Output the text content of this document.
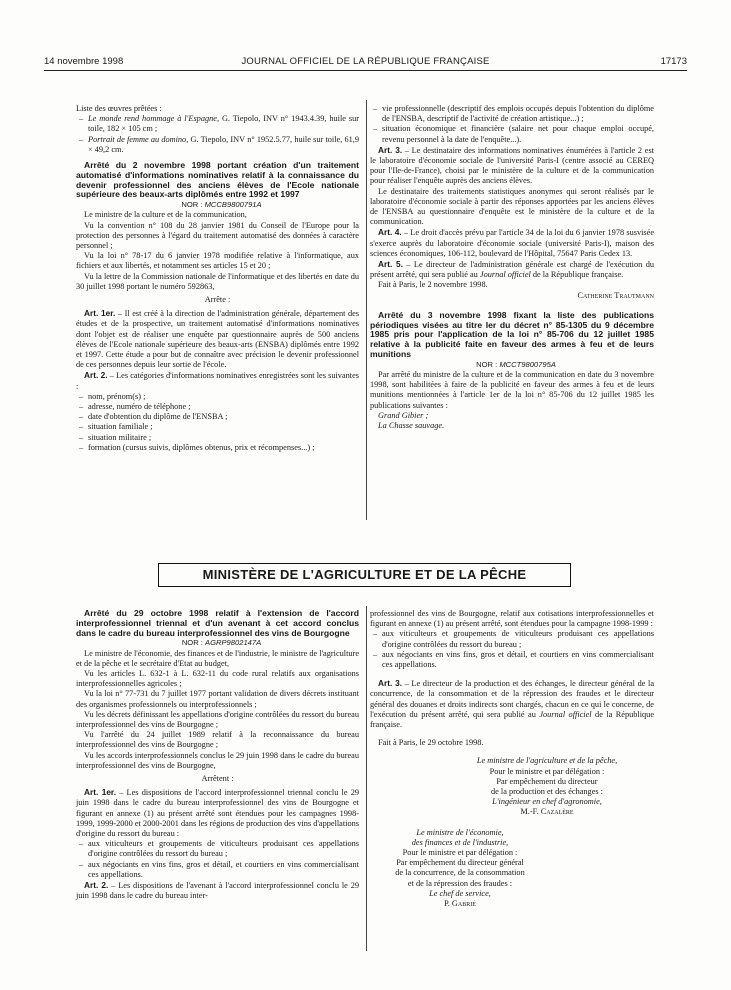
14 novembre 1998	JOURNAL OFFICIEL DE LA RÉPUBLIQUE FRANÇAISE	17173

Liste des œuvres prêtées :

– Le monde rend hommage à l'Espagne, G. Tiepolo, INV n° 1943.4.39, huile sur toile, 182 × 105 cm ;
– Portrait de femme au domino, G. Tiepolo, INV n° 1952.5.77, huile sur toile, 61,9 × 49,2 cm.

Arrêté du 2 novembre 1998 portant création d'un traitement automatisé d'informations nominatives relatif à la connaissance du devenir professionnel des anciens élèves de l'Ecole nationale supérieure des beaux-arts diplômés entre 1992 et 1997

NOR : MCCB9800791A

Le ministre de la culture et de la communication,

Vu la convention n° 108 du 28 janvier 1981 du Conseil de l'Europe pour la protection des personnes à l'égard du traitement automatisé des données à caractère personnel ;

Vu la loi n° 78-17 du 6 janvier 1978 modifiée relative à l'informatique, aux fichiers et aux libertés, et notamment ses articles 15 et 20 ;

Vu la lettre de la Commission nationale de l'informatique et des libertés en date du 30 juillet 1998 portant le numéro 592863,

Arrête :

Art. 1er. – Il est créé à la direction de l'administration générale, département des études et de la prospective, un traitement automatisé d'informations nominatives dont l'objet est de réaliser une enquête par questionnaire auprès de 500 anciens élèves de l'Ecole nationale supérieure des beaux-arts (ENSBA) diplômés entre 1992 et 1997. Cette étude a pour but de connaître avec précision le devenir professionnel de ces personnes depuis leur sortie de l'école.

Art. 2. – Les catégories d'informations nominatives enregistrées sont les suivantes :

– nom, prénom(s) ;
– adresse, numéro de téléphone ;
– date d'obtention du diplôme de l'ENSBA ;
– situation familiale ;
– situation militaire ;
– formation (cursus suivis, diplômes obtenus, prix et récompenses...) ;
– vie professionnelle (descriptif des emplois occupés depuis l'obtention du diplôme de l'ENSBA, descriptif de l'activité de création artistique...) ;
– situation économique et financière (salaire net pour chaque emploi occupé, revenu personnel à la date de l'enquête...).

Art. 3. – Le destinataire des informations nominatives énumérées à l'article 2 est le laboratoire d'économie sociale de l'université Paris-I (centre associé au CEREQ pour l'Ile-de-France), choisi par le ministère de la culture et de la communication pour réaliser l'enquête auprès des anciens élèves.

Le destinataire des traitements statistiques anonymes qui seront réalisés par le laboratoire d'économie sociale à partir des réponses apportées par les anciens élèves de l'ENSBA au questionnaire d'enquête est le ministère de la culture et de la communication.

Art. 4. – Le droit d'accès prévu par l'article 34 de la loi du 6 janvier 1978 susvisée s'exerce auprès du laboratoire d'économie sociale (université Paris-I), maison des sciences économiques, 106-112, boulevard de l'Hôpital, 75647 Paris Cedex 13.

Art. 5. – Le directeur de l'administration générale est chargé de l'exécution du présent arrêté, qui sera publié au Journal officiel de la République française.

Fait à Paris, le 2 novembre 1998.

Catherine Trautmann

Arrêté du 3 novembre 1998 fixant la liste des publications périodiques visées au titre Ier du décret n° 85-1305 du 9 décembre 1985 pris pour l'application de la loi n° 85-706 du 12 juillet 1985 relative à la publicité faite en faveur des armes à feu et de leurs munitions

NOR : MCCT9800795A

Par arrêté du ministre de la culture et de la communication en date du 3 novembre 1998, sont habilitées à faire de la publicité en faveur des armes à feu et de leurs munitions mentionnées à l'article 1er de la loi n° 85-706 du 12 juillet 1985 les publications suivantes :

Grand Gibier ;

La Chasse sauvage.

MINISTÈRE DE L'AGRICULTURE ET DE LA PÊCHE

Arrêté du 29 octobre 1998 relatif à l'extension de l'accord interprofessionnel triennal et d'un avenant à cet accord conclus dans le cadre du bureau interprofessionnel des vins de Bourgogne

NOR : AGRP9802147A

Le ministre de l'économie, des finances et de l'industrie, le ministre de l'agriculture et de la pêche et le secrétaire d'Etat au budget,

Vu les articles L. 632-1 à L. 632-11 du code rural relatifs aux organisations interprofessionnelles agricoles ;

Vu la loi n° 77-731 du 7 juillet 1977 portant validation de divers décrets instituant des organismes professionnels ou interprofessionnels ;

Vu les décrets définissant les appellations d'origine contrôlées du ressort du bureau interprofessionnel des vins de Bourgogne ;

Vu l'arrêté du 24 juillet 1989 relatif à la reconnaissance du bureau interprofessionnel des vins de Bourgogne ;

Vu les accords interprofessionnels conclus le 29 juin 1998 dans le cadre du bureau interprofessionnel des vins de Bourgogne,

Arrêtent :

Art. 1er. – Les dispositions de l'accord interprofessionnel triennal conclu le 29 juin 1998 dans le cadre du bureau interprofessionnel des vins de Bourgogne et figurant en annexe (1) au présent arrêté sont étendues pour les campagnes 1998-1999, 1999-2000 et 2000-2001 dans les régions de production des vins d'appellations d'origine du ressort du bureau :

– aux viticulteurs et groupements de viticulteurs produisant ces appellations d'origine contrôlées du ressort du bureau ;
– aux négociants en vins fins, gros et détail, et courtiers en vins commercialisant ces appellations.

Art. 2. – Les dispositions de l'avenant à l'accord interprofessionnel conclu le 29 juin 1998 dans le cadre du bureau inter-

professionnel des vins de Bourgogne, relatif aux cotisations interprofessionnelles et figurant en annexe (1) au présent arrêté, sont étendues pour la campagne 1998-1999 :

– aux viticulteurs et groupements de viticulteurs produisant ces appellations d'origine contrôlées du ressort du bureau ;
– aux négociants en vins fins, gros et détail, et courtiers en vins commercialisant ces appellations.

Art. 3. – Le directeur de la production et des échanges, le directeur général de la concurrence, de la consommation et de la répression des fraudes et le directeur général des douanes et droits indirects sont chargés, chacun en ce qui le concerne, de l'exécution du présent arrêté, qui sera publié au Journal officiel de la République française.

Fait à Paris, le 29 octobre 1998.

Le ministre de l'agriculture et de la pêche,
Pour le ministre et par délégation :
Par empêchement du directeur
de la production et des échanges :
L'ingénieur en chef d'agronomie,
M.-F. Cazalère
Le ministre de l'économie,
des finances et de l'industrie,
Pour le ministre et par délégation :
Par empêchement du directeur général
de la concurrence, de la consommation
et de la répression des fraudes :
Le chef de service,
P. Gabrié
